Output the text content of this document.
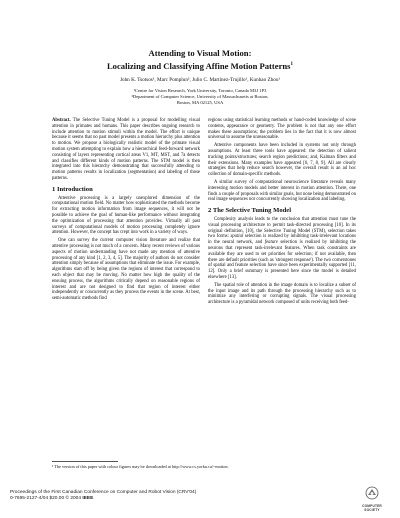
Attending to Visual Motion:
Localizing and Classifying Affine Motion Patterns$^1$
John K. Tsotsos¹, Marc Pomplun², Julio C. Martinez-Trujillo¹, Kunhao Zhou¹
¹Centre for Vision Research, York University, Toronto, Canada M3J 1P3
²Department of Computer Science, University of Massachusetts at Boston,
Boston, MA 02125, USA

Abstract. The Selective Tuning Model is a proposal for modelling visual attention in primates and humans. This paper describes ongoing research to include attention to motion stimuli within the model. The effort is unique because it seems that no past model presents a motion hierarchy plus attention to motion. We propose a biologically realistic model of the primate visual motion system attempting to explain how a hierarchical feed-forward network consisting of layers representing cortical areas V1, MT, MST, and 7a detects and classifies different kinds of motion patterns. The STM model is then integrated into this hierarchy demonstrating that successfully attending to motion patterns results in localization (segmentation) and labeling of those patterns.

1 Introduction

Attentive processing is a largely unexplored dimension of the computational motion field. No matter how sophisticated the methods become for extracting motion information from image sequences, it will not be possible to achieve the goal of human-like performance without integrating the optimization of processing that attention provides. Virtually all past surveys of computational models of motion processing completely ignore attention. However, the concept has crept into work in a variety of ways.

One can survey the current computer vision literature and realize that attentive processing is not much of a concern. Many recent reviews of various aspects of motion understanding have not made any mention of attentive processing of any kind [1, 2, 3, 4, 5]. The majority of authors do not consider attention simply because of assumptions that eliminate the issue. For example, algorithms start off by being given the regions of interest that correspond to each object that may be moving. No matter how high the quality of the ensuing process, the algorithms critically depend on reasonable regions of interest and are not designed to find that region of interest either independently or concurrently as they process the events in the scene. At best, semi-automatic methods find

regions using statistical learning methods or hand-coded knowledge of scene contents, appearance or geometry. The problem is not that any one effort makes these assumptions; the problem lies in the fact that it is now almost universal to assume the unreasonable.

Attentive components have been included in systems not only through assumptions. At least three tools have appeared: the detection of salient tracking points/structures; search region predictions; and, Kalman filters and their extensions. Many examples have appeared [6, 7, 8, 9]. All are clearly strategies that help reduce search however, the overall result is an ad hoc collection of domain-specific methods.

A similar survey of computational neuroscience literature reveals many interesting motion models and better interest in motion attention. There, one finds a couple of proposals with similar goals, but none being demonstrated on real image sequences nor concurrently showing localization and labeling.

2 The Selective Tuning Model

Complexity analysis leads to the conclusion that attention must tune the visual processing architecture to permit task-directed processing [10]. In its original definition, [10], the Selective Tuning Model (STM), selection takes two forms: spatial selection is realized by inhibiting task-irrelevant locations in the neural network, and feature selection is realized by inhibiting the neurons that represent task-irrelevant features. When task constraints are available they are used to set priorities for selection; if not available, then there are default priorities (such as 'strongest response'). The two cornerstones of spatial and feature selection have since been experimentally supported [11, 12]. Only a brief summary is presented here since the model is detailed elsewhere [13].

The spatial role of attention in the image domain is to localize a subset of the input image and its path through the processing hierarchy such as to minimize any interfering or corrupting signals. The visual processing architecture is a pyramidal network composed of units receiving both feed-

¹ The version of this paper with colour figures may be downloaded at http://www.cs.yorku.ca/~motion.
Proceedings of the First Canadian Conference on Computer and Robot Vision (CRV'04)
0-7695-2127-4/04 $20.00 © 2004 IEEE
COMPUTER
SOCIETY
